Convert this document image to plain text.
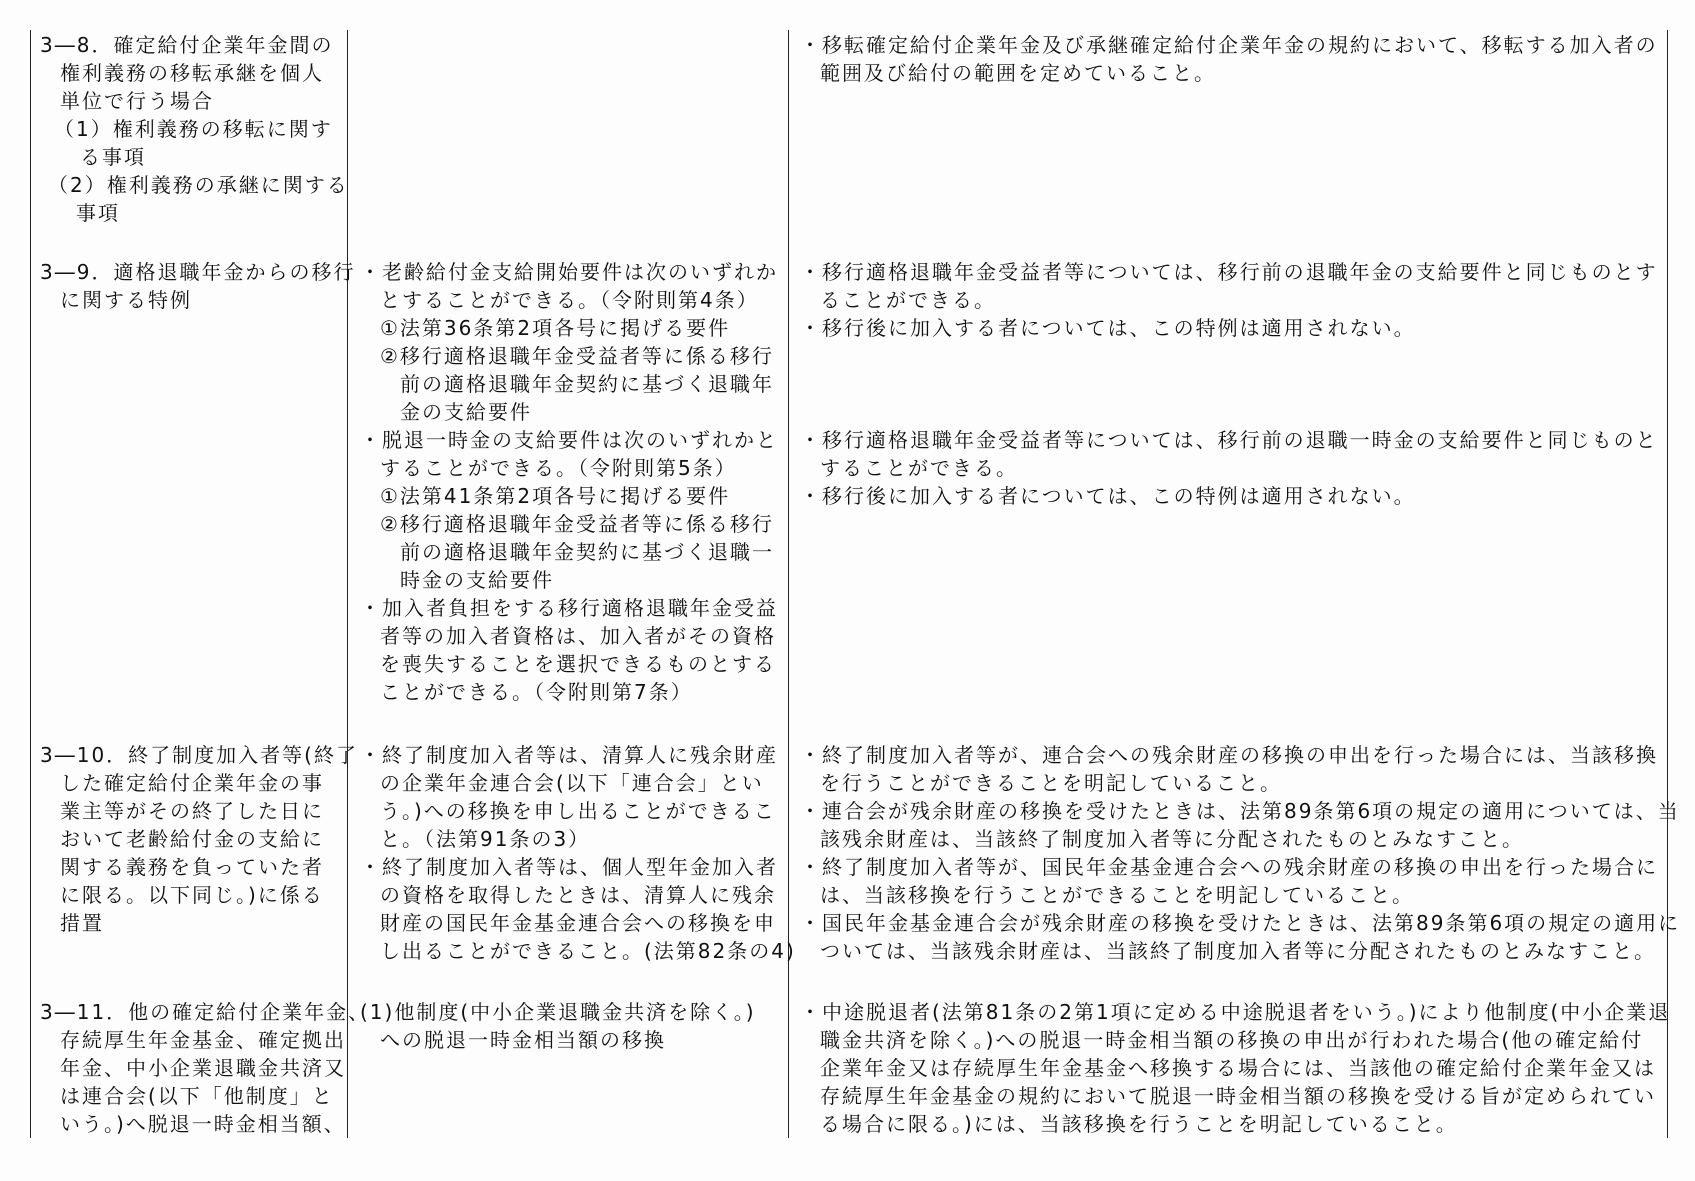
3―8．確定給付企業年金間の
権利義務の移転承継を個人
単位で行う場合
（1）権利義務の移転に関す
る事項
（2）権利義務の承継に関する
事項
・移転確定給付企業年金及び承継確定給付企業年金の規約において、移転する加入者の
範囲及び給付の範囲を定めていること。
3―9．適格退職年金からの移行
に関する特例
・老齢給付金支給開始要件は次のいずれか
とすることができる。（令附則第4条）
①法第36条第2項各号に掲げる要件
②移行適格退職年金受益者等に係る移行
前の適格退職年金契約に基づく退職年
金の支給要件
・脱退一時金の支給要件は次のいずれかと
することができる。（令附則第5条）
①法第41条第2項各号に掲げる要件
②移行適格退職年金受益者等に係る移行
前の適格退職年金契約に基づく退職一
時金の支給要件
・加入者負担をする移行適格退職年金受益
者等の加入者資格は、加入者がその資格
を喪失することを選択できるものとする
ことができる。（令附則第7条）
・移行適格退職年金受益者等については、移行前の退職年金の支給要件と同じものとす
ることができる。
・移行後に加入する者については、この特例は適用されない。
・移行適格退職年金受益者等については、移行前の退職一時金の支給要件と同じものと
することができる。
・移行後に加入する者については、この特例は適用されない。
3―10．終了制度加入者等(終了
した確定給付企業年金の事
業主等がその終了した日に
おいて老齢給付金の支給に
関する義務を負っていた者
に限る。以下同じ。)に係る
措置
・終了制度加入者等は、清算人に残余財産
の企業年金連合会(以下「連合会」とい
う。)への移換を申し出ることができるこ
と。（法第91条の3）
・終了制度加入者等は、個人型年金加入者
の資格を取得したときは、清算人に残余
財産の国民年金基金連合会への移換を申
し出ることができること。(法第82条の4)
・終了制度加入者等が、連合会への残余財産の移換の申出を行った場合には、当該移換
を行うことができることを明記していること。
・連合会が残余財産の移換を受けたときは、法第89条第6項の規定の適用については、当
該残余財産は、当該終了制度加入者等に分配されたものとみなすこと。
・終了制度加入者等が、国民年金基金連合会への残余財産の移換の申出を行った場合に
は、当該移換を行うことができることを明記していること。
・国民年金基金連合会が残余財産の移換を受けたときは、法第89条第6項の規定の適用に
ついては、当該残余財産は、当該終了制度加入者等に分配されたものとみなすこと。
3―11．他の確定給付企業年金、
存続厚生年金基金、確定拠出
年金、中小企業退職金共済又
は連合会(以下「他制度」と
いう。)へ脱退一時金相当額、
(1)他制度(中小企業退職金共済を除く。)
への脱退一時金相当額の移換
・中途脱退者(法第81条の2第1項に定める中途脱退者をいう。)により他制度(中小企業退
職金共済を除く。)への脱退一時金相当額の移換の申出が行われた場合(他の確定給付
企業年金又は存続厚生年金基金へ移換する場合には、当該他の確定給付企業年金又は
存続厚生年金基金の規約において脱退一時金相当額の移換を受ける旨が定められてい
る場合に限る。)には、当該移換を行うことを明記していること。
